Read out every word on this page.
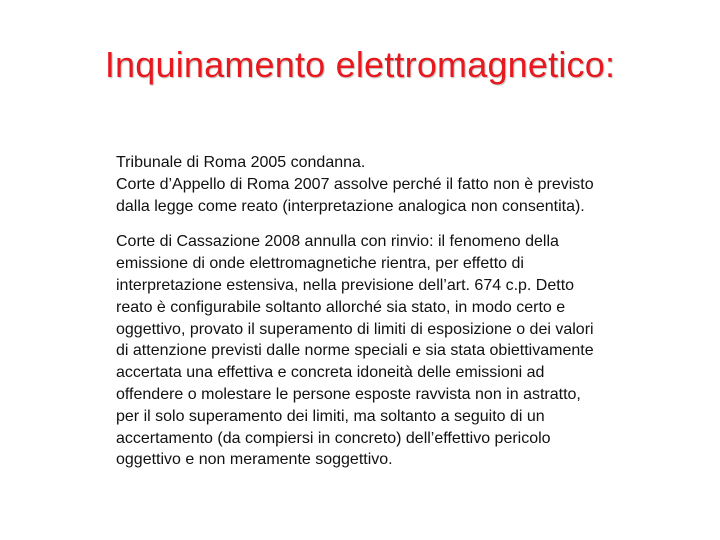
Inquinamento elettromagnetico:

Tribunale di Roma 2005 condanna.
Corte d’Appello di Roma 2007 assolve perché il fatto non è previsto
dalla legge come reato (interpretazione analogica non consentita).

Corte di Cassazione 2008 annulla con rinvio: il fenomeno della
emissione di onde elettromagnetiche rientra, per effetto di
interpretazione estensiva, nella previsione dell’art. 674 c.p. Detto
reato è configurabile soltanto allorché sia stato, in modo certo e
oggettivo, provato il superamento di limiti di esposizione o dei valori
di attenzione previsti dalle norme speciali e sia stata obiettivamente
accertata una effettiva e concreta idoneità delle emissioni ad
offendere o molestare le persone esposte ravvista non in astratto,
per il solo superamento dei limiti, ma soltanto a seguito di un
accertamento (da compiersi in concreto) dell’effettivo pericolo
oggettivo e non meramente soggettivo.
